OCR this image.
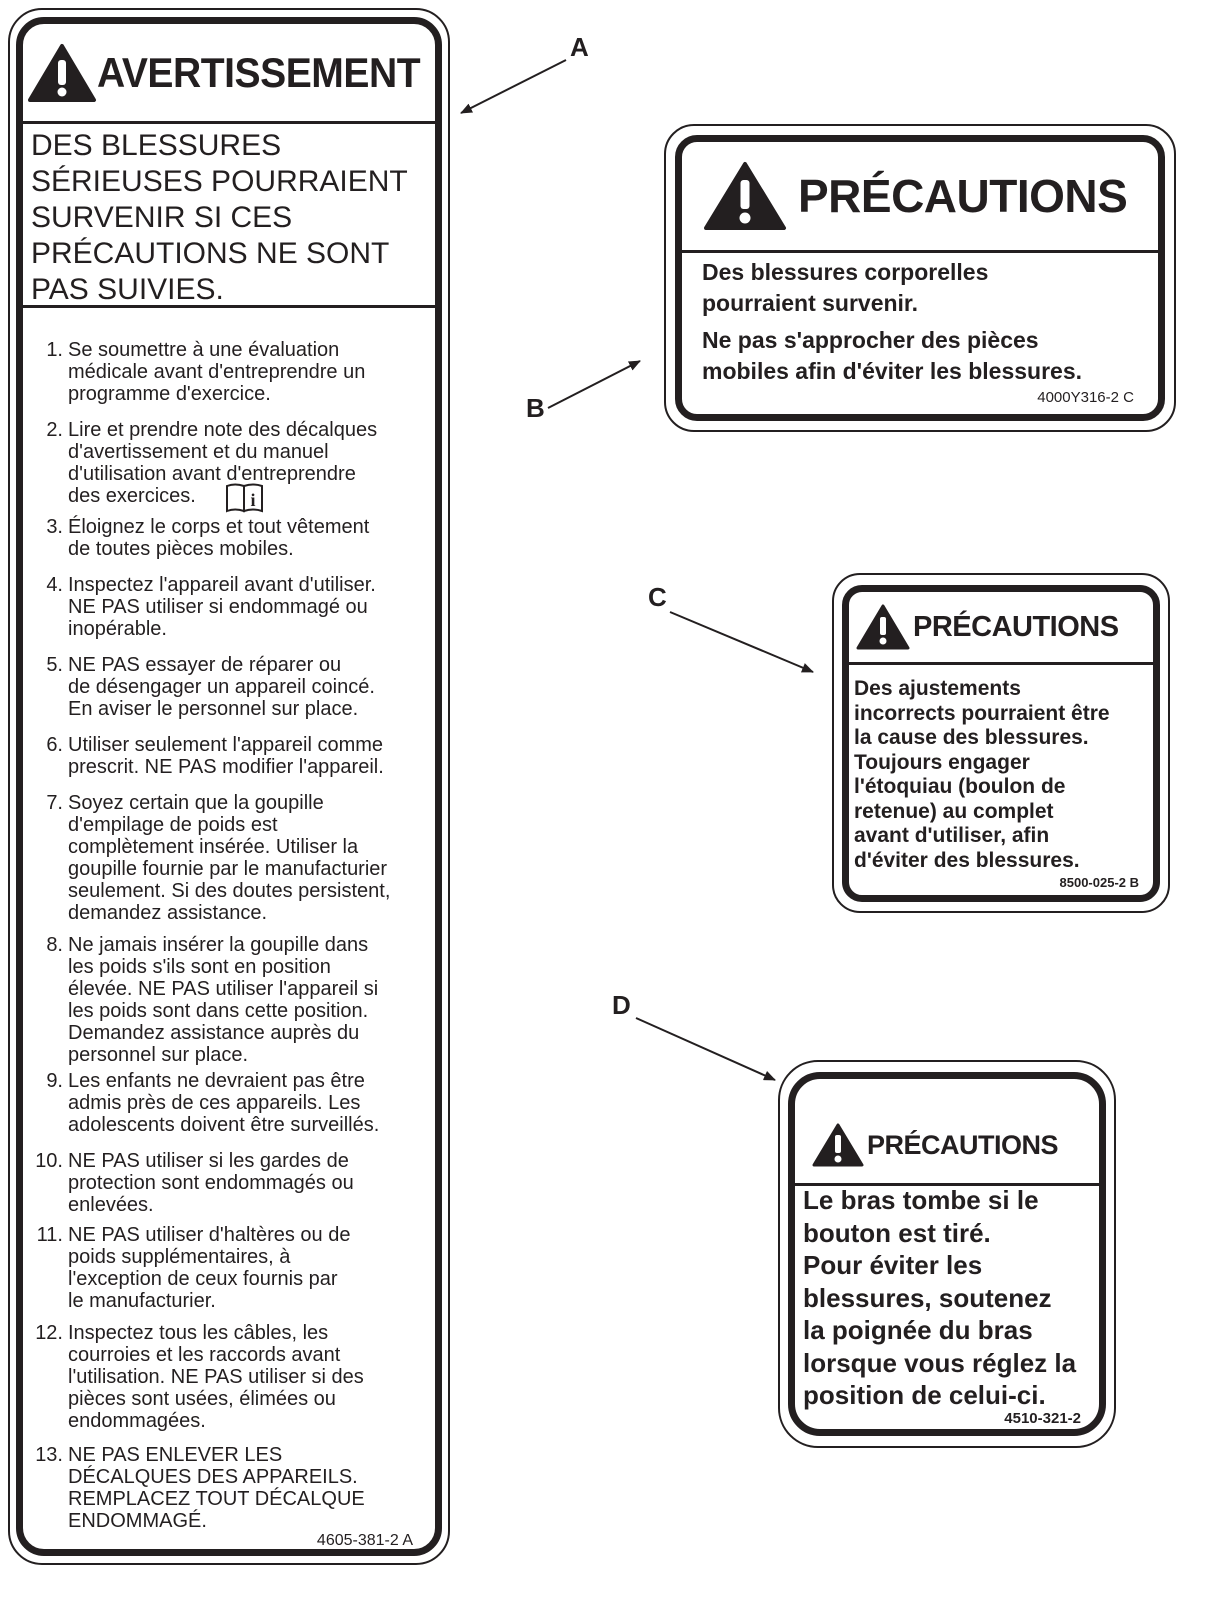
AVERTISSEMENT
DES BLESSURES
SÉRIEUSES POURRAIENT
SURVENIR SI CES
PRÉCAUTIONS NE SONT
PAS SUIVIES.
1. Se soumettre à une évaluation
médicale avant d'entreprendre un
programme d'exercice.
2. Lire et prendre note des décalques
d'avertissement et du manuel
d'utilisation avant d'entreprendre
des exercices.	i
3. Éloignez le corps et tout vêtement
de toutes pièces mobiles.
4. Inspectez l'appareil avant d'utiliser.
NE PAS utiliser si endommagé ou
inopérable.
5. NE PAS essayer de réparer ou
de désengager un appareil coincé.
En aviser le personnel sur place.
6. Utiliser seulement l'appareil comme
prescrit. NE PAS modifier l'appareil.
7. Soyez certain que la goupille
d'empilage de poids est
complètement insérée. Utiliser la
goupille fournie par le manufacturier
seulement. Si des doutes persistent,
demandez assistance.
8. Ne jamais insérer la goupille dans
les poids s'ils sont en position
élevée. NE PAS utiliser l'appareil si
les poids sont dans cette position.
Demandez assistance auprès du
personnel sur place.
9. Les enfants ne devraient pas être
admis près de ces appareils. Les
adolescents doivent être surveillés.
10. NE PAS utiliser si les gardes de
protection sont endommagés ou
enlevées.
11. NE PAS utiliser d'haltères ou de
poids supplémentaires, à
l'exception de ceux fournis par
le manufacturier.
12. Inspectez tous les câbles, les
courroies et les raccords avant
l'utilisation. NE PAS utiliser si des
pièces sont usées, élimées ou
endommagées.
13. NE PAS ENLEVER LES
DÉCALQUES DES APPAREILS.
REMPLACEZ TOUT DÉCALQUE
ENDOMMAGÉ.
4605-381-2 A
PRÉCAUTIONS
Des blessures corporelles
pourraient survenir.
Ne pas s'approcher des pièces
mobiles afin d'éviter les blessures.
4000Y316-2 C
PRÉCAUTIONS
Des ajustements
incorrects pourraient être
la cause des blessures.
Toujours engager
l'étoquiau (boulon de
retenue) au complet
avant d'utiliser, afin
d'éviter des blessures.
8500-025-2 B
PRÉCAUTIONS
Le bras tombe si le
bouton est tiré.
Pour éviter les
blessures, soutenez
la poignée du bras
lorsque vous réglez la
position de celui-ci.
4510-321-2
A
B
C
D
